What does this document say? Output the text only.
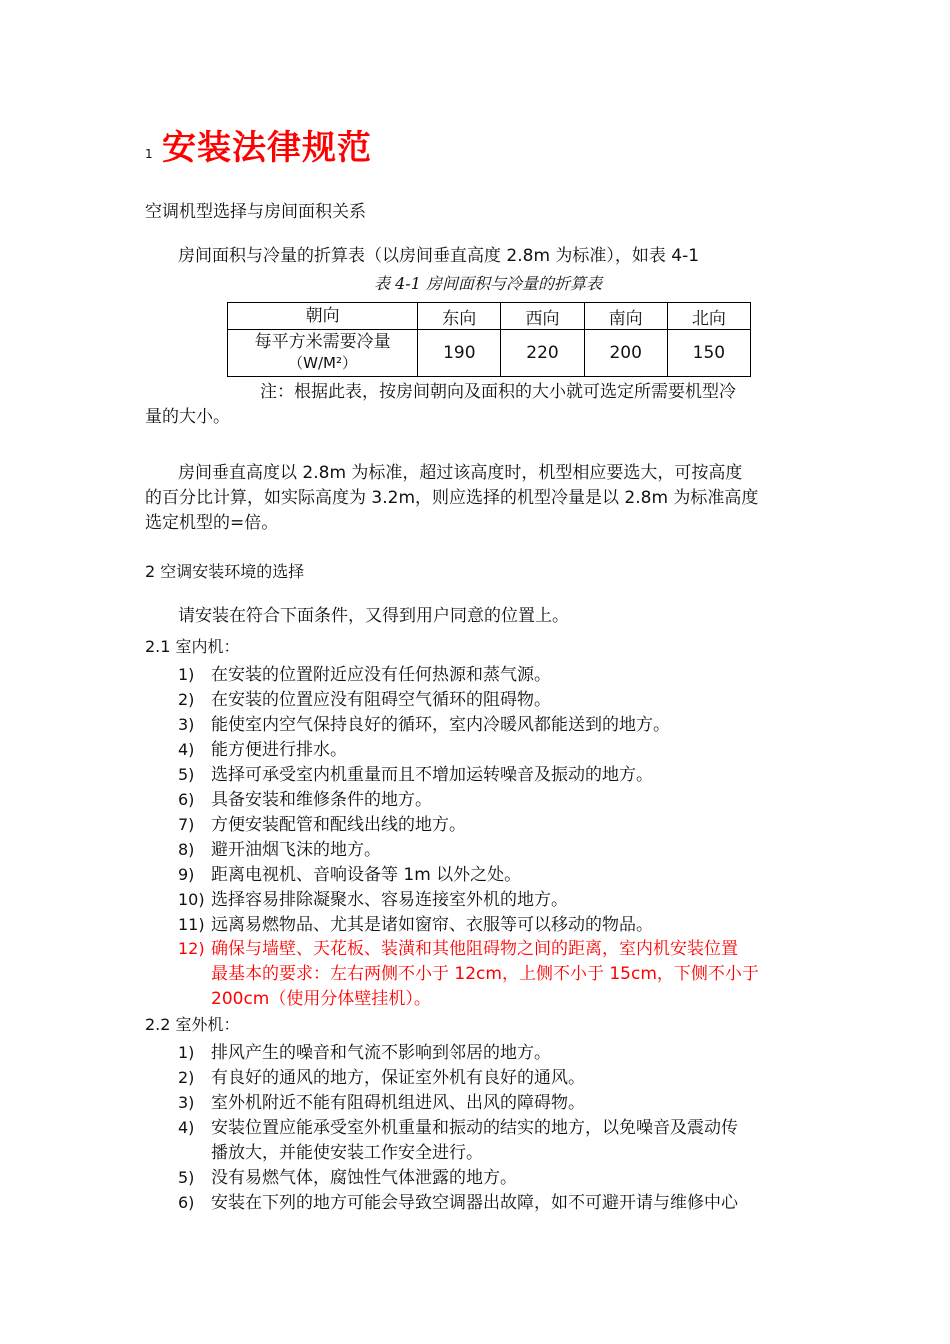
1 安装法律规范
空调机型选择与房间面积关系
房间面积与冷量的折算表（以房间垂直高度 2.8m 为标准），如表 4-1
表 4-1 房间面积与冷量的折算表
朝向	东向	西向	南向	北向

每平方米需要冷量
（W/M²）	190	220	200	150
注：根据此表，按房间朝向及面积的大小就可选定所需要机型冷
量的大小。
房间垂直高度以 2.8m 为标准，超过该高度时，机型相应要选大，可按高度
的百分比计算，如实际高度为 3.2m，则应选择的机型冷量是以 2.8m 为标准高度
选定机型的=倍。
2 空调安装环境的选择
请安装在符合下面条件，又得到用户同意的位置上。
2.1 室内机：
1) 在安装的位置附近应没有任何热源和蒸气源。
2) 在安装的位置应没有阻碍空气循环的阻碍物。
3) 能使室内空气保持良好的循环，室内冷暖风都能送到的地方。
4) 能方便进行排水。
5) 选择可承受室内机重量而且不增加运转噪音及振动的地方。
6) 具备安装和维修条件的地方。
7) 方便安装配管和配线出线的地方。
8) 避开油烟飞沫的地方。
9) 距离电视机、音响设备等 1m 以外之处。
10) 选择容易排除凝聚水、容易连接室外机的地方。
11) 远离易燃物品、尤其是诸如窗帘、衣服等可以移动的物品。
12) 确保与墙壁、天花板、装潢和其他阻碍物之间的距离，室内机安装位置
最基本的要求：左右两侧不小于 12cm，上侧不小于 15cm，下侧不小于
200cm（使用分体壁挂机）。
2.2 室外机：
1) 排风产生的噪音和气流不影响到邻居的地方。
2) 有良好的通风的地方，保证室外机有良好的通风。
3) 室外机附近不能有阻碍机组进风、出风的障碍物。
4) 安装位置应能承受室外机重量和振动的结实的地方，以免噪音及震动传
播放大，并能使安装工作安全进行。
5) 没有易燃气体，腐蚀性气体泄露的地方。
6) 安装在下列的地方可能会导致空调器出故障，如不可避开请与维修中心
